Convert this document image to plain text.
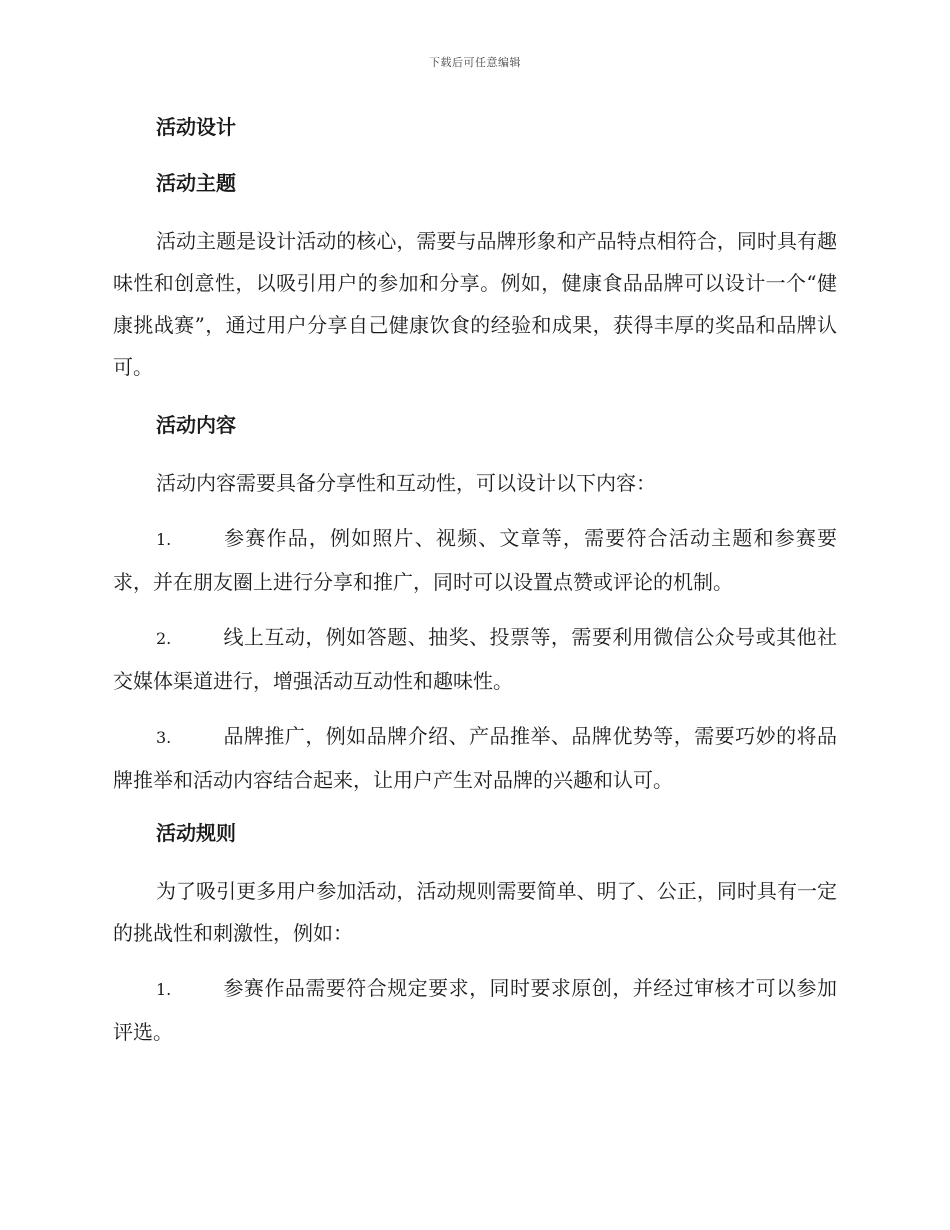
下载后可任意编辑
活动设计
活动主题

活动主题是设计活动的核心，需要与品牌形象和产品特点相符合，同时具有趣味性和创意性，以吸引用户的参加和分享。例如，健康食品品牌可以设计一个“健康挑战赛”，通过用户分享自己健康饮食的经验和成果，获得丰厚的奖品和品牌认可。

活动内容

活动内容需要具备分享性和互动性，可以设计以下内容：

1.	参赛作品，例如照片、视频、文章等，需要符合活动主题和参赛要求，并在朋友圈上进行分享和推广，同时可以设置点赞或评论的机制。

2.	线上互动，例如答题、抽奖、投票等，需要利用微信公众号或其他社交媒体渠道进行，增强活动互动性和趣味性。

3.	品牌推广，例如品牌介绍、产品推举、品牌优势等，需要巧妙的将品牌推举和活动内容结合起来，让用户产生对品牌的兴趣和认可。

活动规则

为了吸引更多用户参加活动，活动规则需要简单、明了、公正，同时具有一定的挑战性和刺激性，例如：

1.	参赛作品需要符合规定要求，同时要求原创，并经过审核才可以参加评选。
